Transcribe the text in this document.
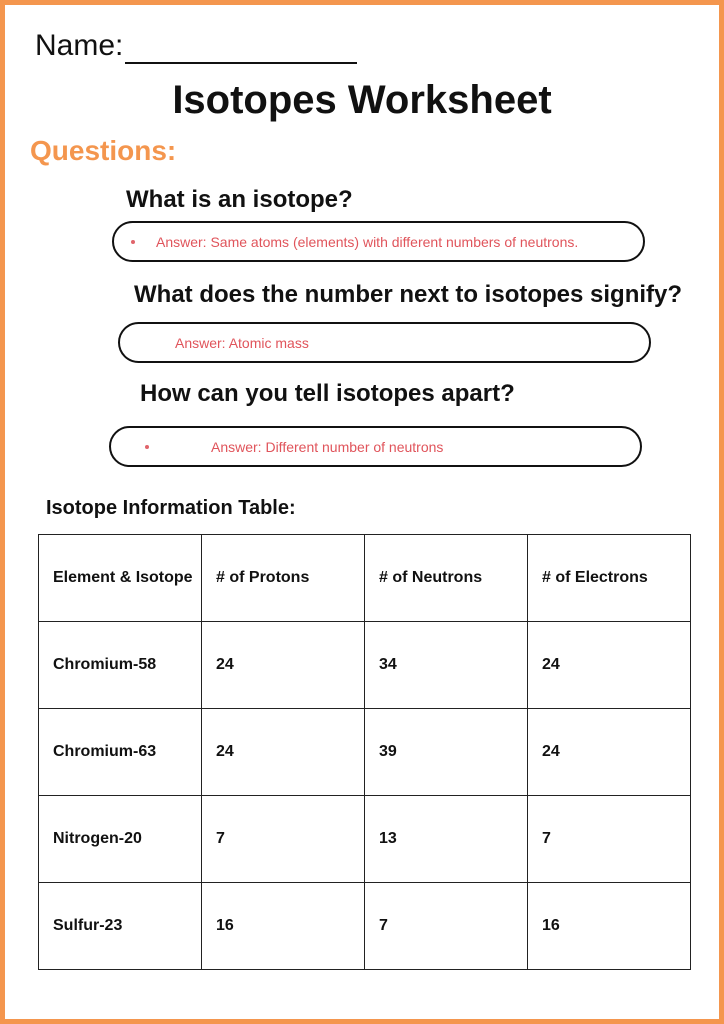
Name:
Isotopes Worksheet
Questions:
What is an isotope?
Answer: Same atoms (elements) with different numbers of neutrons.
What does the number next to isotopes signify?
Answer: Atomic mass
How can you tell isotopes apart?
Answer: Different number of neutrons
Isotope Information Table:
Element & Isotope	# of Protons	# of Neutrons	# of Electrons
Chromium-58	24	34	24
Chromium-63	24	39	24
Nitrogen-20	7	13	7
Sulfur-23	16	7	16
